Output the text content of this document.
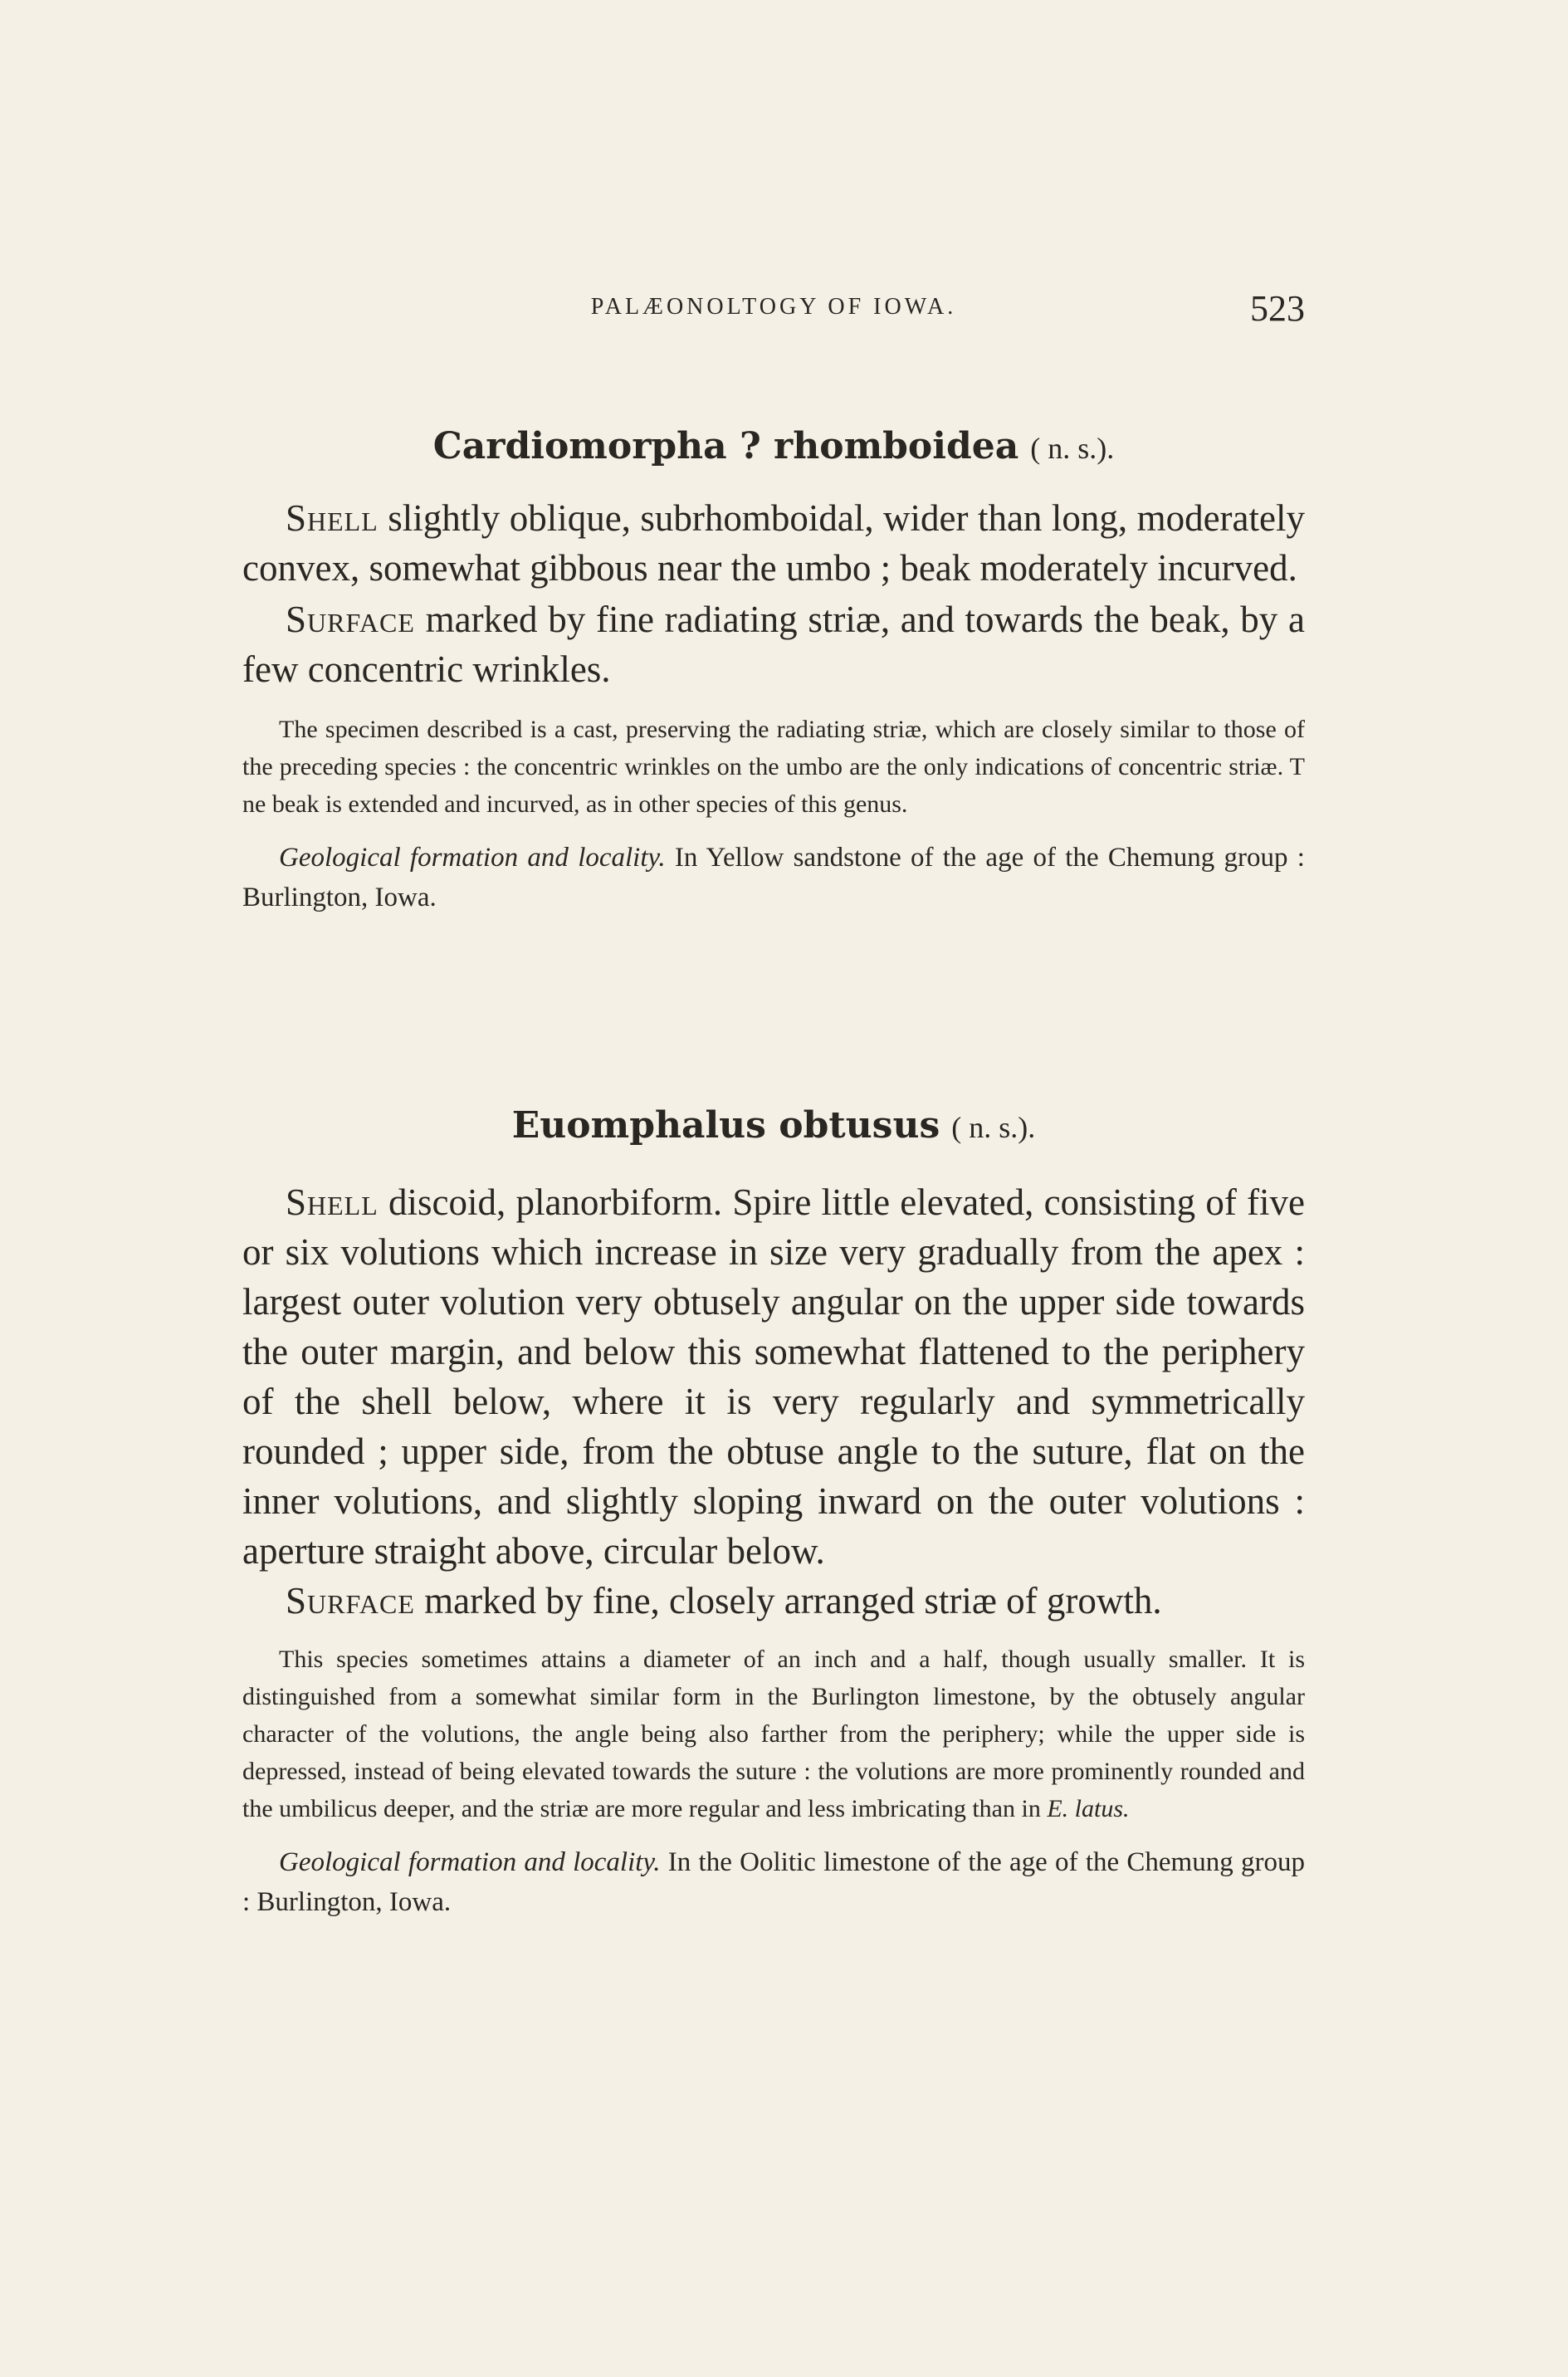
PALÆONOLTOGY OF IOWA.	523
Cardiomorpha ? rhomboidea ( n. s.).

Shell slightly oblique, subrhomboidal, wider than long, moderately convex, somewhat gibbous near the umbo ; beak moderately incurved.

Surface marked by fine radiating striæ, and towards the beak, by a few concentric wrinkles.

The specimen described is a cast, preserving the radiating striæ, which are closely similar to those of the preceding species : the concentric wrinkles on the umbo are the only indications of concentric striæ. T ne beak is extended and incurved, as in other species of this genus.

Geological formation and locality. In Yellow sandstone of the age of the Chemung group : Burlington, Iowa.

Euomphalus obtusus ( n. s.).

Shell discoid, planorbiform. Spire little elevated, consisting of five or six volutions which increase in size very gradually from the apex : largest outer volution very obtusely angular on the upper side towards the outer margin, and below this somewhat flattened to the periphery of the shell below, where it is very regularly and symmetrically rounded ; upper side, from the obtuse angle to the suture, flat on the inner volutions, and slightly sloping inward on the outer volutions : aperture straight above, circular below.

Surface marked by fine, closely arranged striæ of growth.

This species sometimes attains a diameter of an inch and a half, though usually smaller. It is distinguished from a somewhat similar form in the Burlington limestone, by the obtusely angular character of the volutions, the angle being also farther from the periphery; while the upper side is depressed, instead of being elevated towards the suture : the volutions are more prominently rounded and the umbilicus deeper, and the striæ are more regular and less imbricating than in E. latus.

Geological formation and locality. In the Oolitic limestone of the age of the Chemung group : Burlington, Iowa.
